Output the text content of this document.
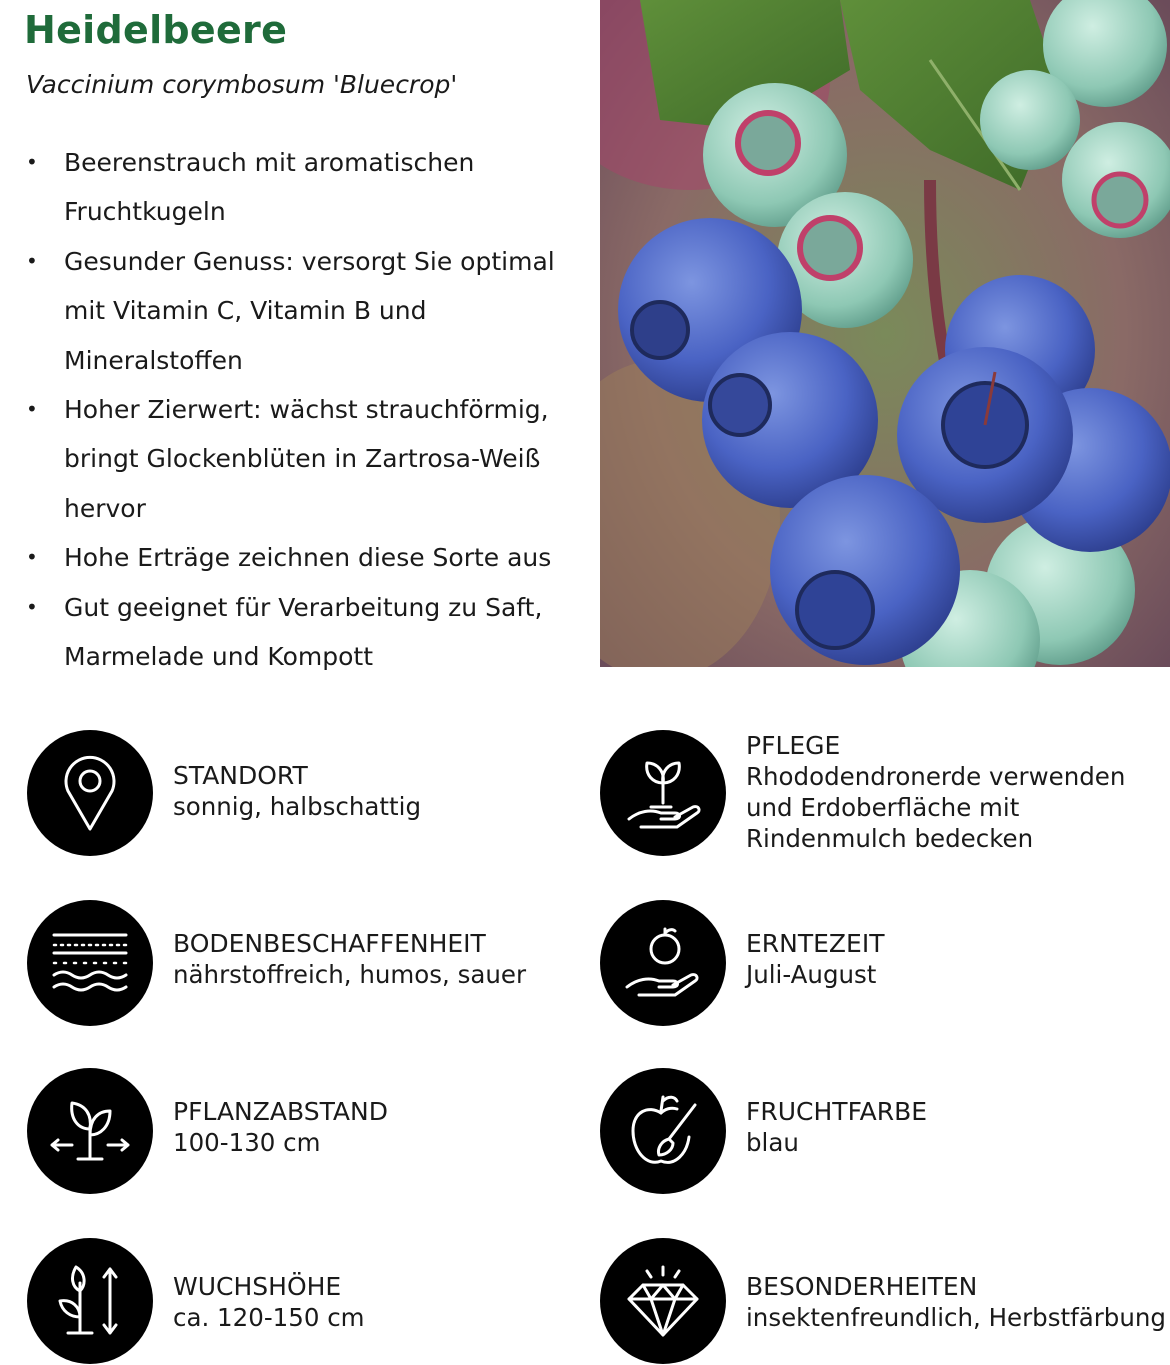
Heidelbeere
Vaccinium corymbosum 'Bluecrop'
• Beerenstrauch mit aromatischen Fruchtkugeln
• Gesunder Genuss: versorgt Sie optimal mit Vitamin C, Vitamin B und Mineralstoffen
• Hoher Zierwert: wächst strauchförmig, bringt Glockenblüten in Zartrosa-Weiß hervor
• Hohe Erträge zeichnen diese Sorte aus
• Gut geeignet für Verarbeitung zu Saft, Marmelade und Kompott
STANDORT
sonnig, halbschattig
BODENBESCHAFFENHEIT
nährstoffreich, humos, sauer
PFLANZABSTAND
100-130 cm
WUCHSHÖHE
ca. 120-150 cm
PFLEGE
Rhododendronerde verwenden und Erdoberfläche mit Rindenmulch bedecken
ERNTEZEIT
Juli-August
FRUCHTFARBE
blau
BESONDERHEITEN
insektenfreundlich, Herbstfärbung
